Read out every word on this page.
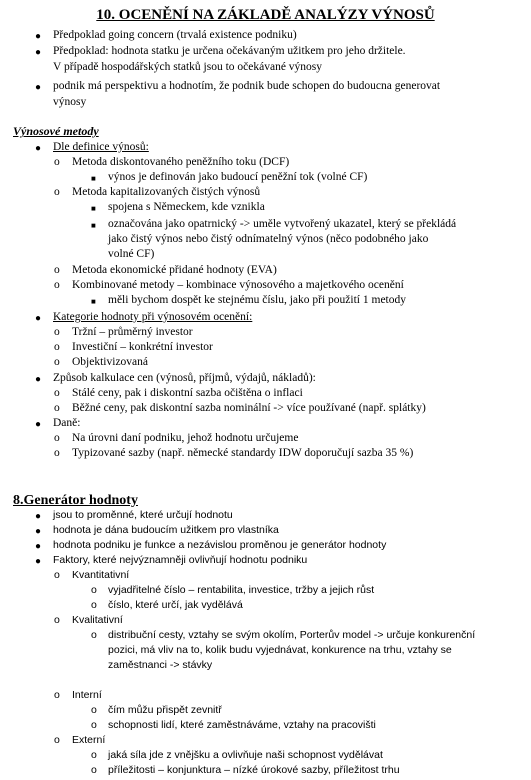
10. OCENĚNÍ NA ZÁKLADĚ ANALÝZY VÝNOSŮ
● Předpoklad going concern (trvalá existence podniku)
● Předpoklad: hodnota statku je určena očekávaným užitkem pro jeho držitele.
V případě hospodářských statků jsou to očekávané výnosy
● podnik má perspektivu a hodnotím, že podnik bude schopen do budoucna generovat
výnosy
Výnosové metody
● Dle definice výnosů:
o Metoda diskontovaného peněžního toku (DCF)
■ výnos je definován jako budoucí peněžní tok (volné CF)
o Metoda kapitalizovaných čistých výnosů
■ spojena s Německem, kde vznikla
■ označována jako opatrnický -> uměle vytvořený ukazatel, který se překládá
jako čistý výnos nebo čistý odnímatelný výnos (něco podobného jako
volné CF)
o Metoda ekonomické přidané hodnoty (EVA)
o Kombinované metody – kombinace výnosového a majetkového ocenění
■ měli bychom dospět ke stejnému číslu, jako při použití 1 metody
● Kategorie hodnoty při výnosovém ocenění:
o Tržní – průměrný investor
o Investiční – konkrétní investor
o Objektivizovaná
● Způsob kalkulace cen (výnosů, příjmů, výdajů, nákladů):
o Stálé ceny, pak i diskontní sazba očištěna o inflaci
o Běžné ceny, pak diskontní sazba nominální -> více používané (např. splátky)
● Daně:
o Na úrovni daní podniku, jehož hodnotu určujeme
o Typizované sazby (např. německé standardy IDW doporučují sazba 35 %)
8.Generátor hodnoty
● jsou to proměnné, které určují hodnotu
● hodnota je dána budoucím užitkem pro vlastníka
● hodnota podniku je funkce a nezávislou proměnou je generátor hodnoty
● Faktory, které nejvýznamněji ovlivňují hodnotu podniku
o Kvantitativní
o vyjadřitelné číslo – rentabilita, investice, tržby a jejich růst
o číslo, které určí, jak vydělává
o Kvalitativní
o distribuční cesty, vztahy se svým okolím, Porterův model -> určuje konkurenční
pozici, má vliv na to, kolik budu vyjednávat, konkurence na trhu, vztahy se
zaměstnanci -> stávky
o Interní
o čím můžu přispět zevnitř
o schopnosti lidí, které zaměstnáváme, vztahy na pracovišti
o Externí
o jaká síla jde z vnějšku a ovlivňuje naši schopnost vydělávat
o příležitosti – konjunktura – nízké úrokové sazby, příležitost trhu
